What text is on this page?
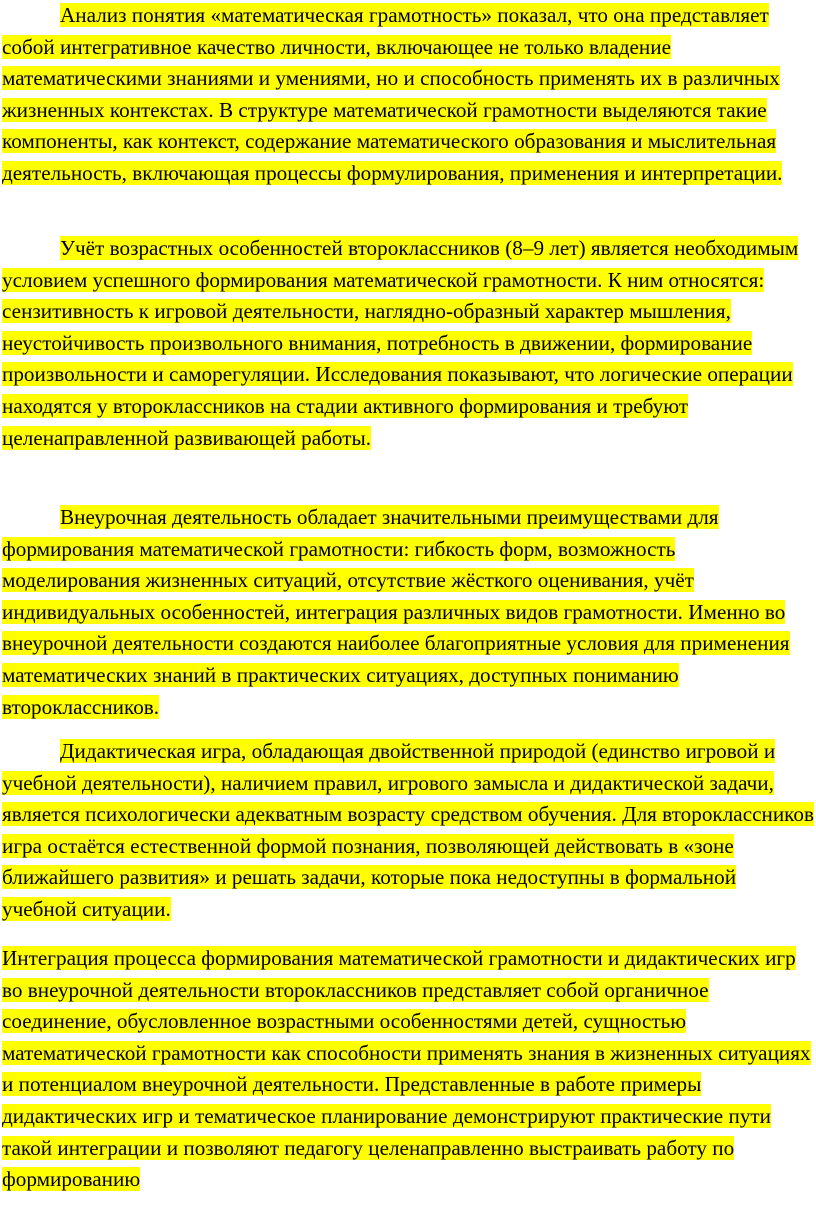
Анализ понятия «математическая грамотность» показал, что она представляет собой интегративное качество личности, включающее не только владение математическими знаниями и умениями, но и способность применять их в различных жизненных контекстах. В структуре математической грамотности выделяются такие компоненты, как контекст, содержание математического образования и мыслительная деятельность, включающая процессы формулирования, применения и интерпретации.

Учёт возрастных особенностей второклассников (8–9 лет) является необходимым условием успешного формирования математической грамотности. К ним относятся: сензитивность к игровой деятельности, наглядно-образный характер мышления, неустойчивость произвольного внимания, потребность в движении, формирование произвольности и саморегуляции. Исследования показывают, что логические операции находятся у второклассников на стадии активного формирования и требуют целенаправленной развивающей работы.

Внеурочная деятельность обладает значительными преимуществами для формирования математической грамотности: гибкость форм, возможность моделирования жизненных ситуаций, отсутствие жёсткого оценивания, учёт индивидуальных особенностей, интеграция различных видов грамотности. Именно во внеурочной деятельности создаются наиболее благоприятные условия для применения математических знаний в практических ситуациях, доступных пониманию второклассников.

Дидактическая игра, обладающая двойственной природой (единство игровой и учебной деятельности), наличием правил, игрового замысла и дидактической задачи, является психологически адекватным возрасту средством обучения. Для второклассников игра остаётся естественной формой познания, позволяющей действовать в «зоне ближайшего развития» и решать задачи, которые пока недоступны в формальной учебной ситуации.

Интеграция процесса формирования математической грамотности и дидактических игр во внеурочной деятельности второклассников представляет собой органичное соединение, обусловленное возрастными особенностями детей, сущностью математической грамотности как способности применять знания в жизненных ситуациях и потенциалом внеурочной деятельности. Представленные в работе примеры дидактических игр и тематическое планирование демонстрируют практические пути такой интеграции и позволяют педагогу целенаправленно выстраивать работу по формированию
